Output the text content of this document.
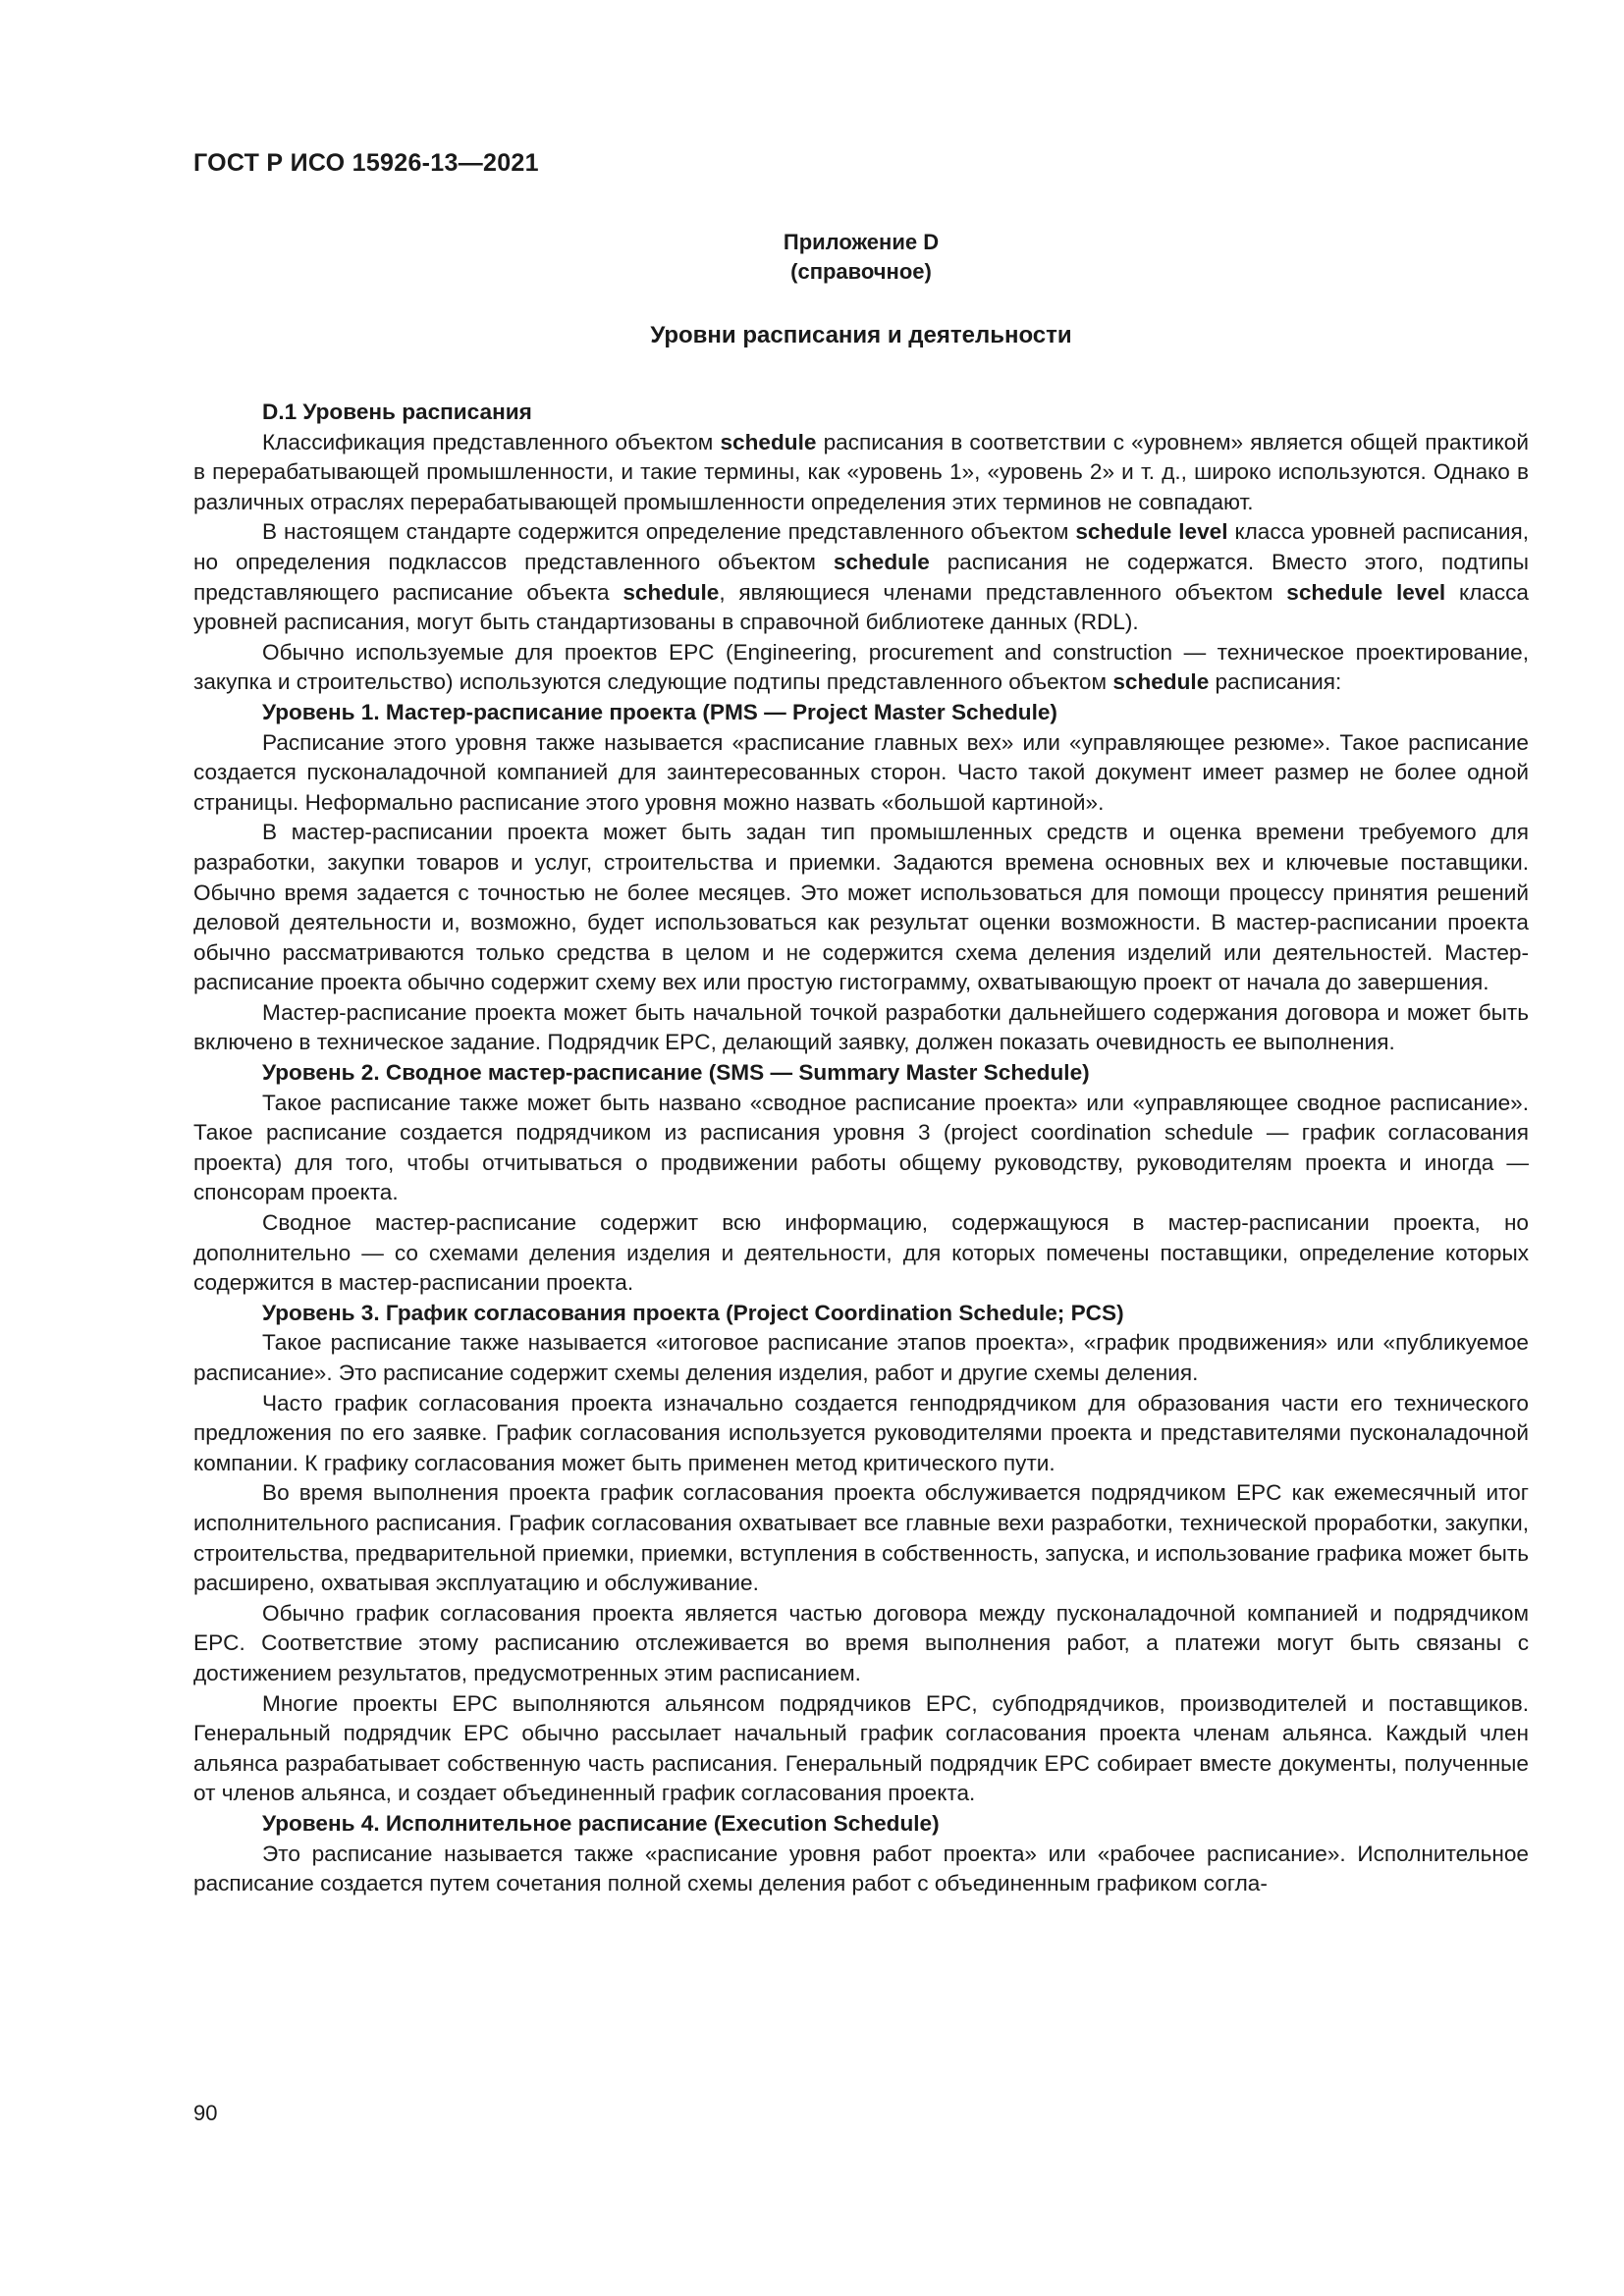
ГОСТ Р ИСО 15926-13—2021
Приложение D
(справочное)
Уровни расписания и деятельности

D.1 Уровень расписания

Классификация представленного объектом schedule расписания в соответствии с «уровнем» является общей практикой в перерабатывающей промышленности, и такие термины, как «уровень 1», «уровень 2» и т. д., широко используются. Однако в различных отраслях перерабатывающей промышленности определения этих терминов не совпадают.

В настоящем стандарте содержится определение представленного объектом schedule level класса уровней расписания, но определения подклассов представленного объектом schedule расписания не содержатся. Вместо этого, подтипы представляющего расписание объекта schedule, являющиеся членами представленного объектом schedule level класса уровней расписания, могут быть стандартизованы в справочной библиотеке данных (RDL).

Обычно используемые для проектов EPC (Engineering, procurement and construction — техническое проектирование, закупка и строительство) используются следующие подтипы представленного объектом schedule расписания:

Уровень 1. Мастер-расписание проекта (PMS — Project Master Schedule)

Расписание этого уровня также называется «расписание главных вех» или «управляющее резюме». Такое расписание создается пусконаладочной компанией для заинтересованных сторон. Часто такой документ имеет размер не более одной страницы. Неформально расписание этого уровня можно назвать «большой картиной».

В мастер-расписании проекта может быть задан тип промышленных средств и оценка времени требуемого для разработки, закупки товаров и услуг, строительства и приемки. Задаются времена основных вех и ключевые поставщики. Обычно время задается с точностью не более месяцев. Это может использоваться для помощи процессу принятия решений деловой деятельности и, возможно, будет использоваться как результат оценки возможности. В мастер-расписании проекта обычно рассматриваются только средства в целом и не содержится схема деления изделий или деятельностей. Мастер-расписание проекта обычно содержит схему вех или простую гистограмму, охватывающую проект от начала до завершения.

Мастер-расписание проекта может быть начальной точкой разработки дальнейшего содержания договора и может быть включено в техническое задание. Подрядчик EPC, делающий заявку, должен показать очевидность ее выполнения.

Уровень 2. Сводное мастер-расписание (SMS — Summary Master Schedule)

Такое расписание также может быть названо «сводное расписание проекта» или «управляющее сводное расписание». Такое расписание создается подрядчиком из расписания уровня 3 (project coordination schedule — график согласования проекта) для того, чтобы отчитываться о продвижении работы общему руководству, руководителям проекта и иногда — спонсорам проекта.

Сводное мастер-расписание содержит всю информацию, содержащуюся в мастер-расписании проекта, но дополнительно — со схемами деления изделия и деятельности, для которых помечены поставщики, определение которых содержится в мастер-расписании проекта.

Уровень 3. График согласования проекта (Project Coordination Schedule; PCS)

Такое расписание также называется «итоговое расписание этапов проекта», «график продвижения» или «публикуемое расписание». Это расписание содержит схемы деления изделия, работ и другие схемы деления.

Часто график согласования проекта изначально создается генподрядчиком для образования части его технического предложения по его заявке. График согласования используется руководителями проекта и представителями пусконаладочной компании. К графику согласования может быть применен метод критического пути.

Во время выполнения проекта график согласования проекта обслуживается подрядчиком EPC как ежемесячный итог исполнительного расписания. График согласования охватывает все главные вехи разработки, технической проработки, закупки, строительства, предварительной приемки, приемки, вступления в собственность, запуска, и использование графика может быть расширено, охватывая эксплуатацию и обслуживание.

Обычно график согласования проекта является частью договора между пусконаладочной компанией и подрядчиком EPC. Соответствие этому расписанию отслеживается во время выполнения работ, а платежи могут быть связаны с достижением результатов, предусмотренных этим расписанием.

Многие проекты EPC выполняются альянсом подрядчиков EPC, субподрядчиков, производителей и поставщиков. Генеральный подрядчик EPC обычно рассылает начальный график согласования проекта членам альянса. Каждый член альянса разрабатывает собственную часть расписания. Генеральный подрядчик EPC собирает вместе документы, полученные от членов альянса, и создает объединенный график согласования проекта.

Уровень 4. Исполнительное расписание (Execution Schedule)

Это расписание называется также «расписание уровня работ проекта» или «рабочее расписание». Исполнительное расписание создается путем сочетания полной схемы деления работ с объединенным графиком согла-

90
